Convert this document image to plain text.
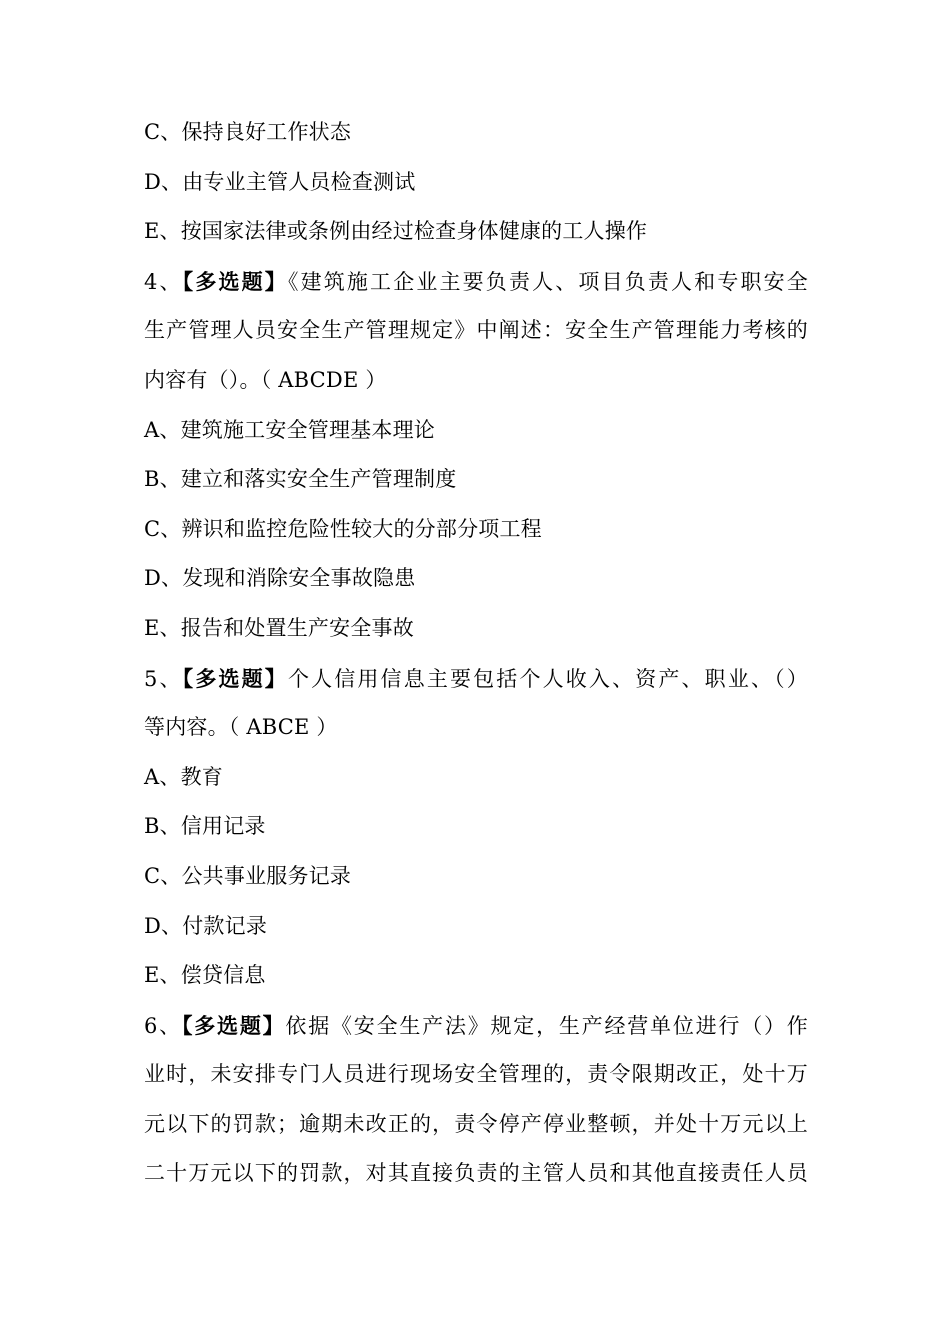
C、保持良好工作状态
D、由专业主管人员检查测试
E、按国家法律或条例由经过检查身体健康的工人操作
4、【多选题】《建筑施工企业主要负责人、项目负责人和专职安全
生产管理人员安全生产管理规定》中阐述：安全生产管理能力考核的
内容有（）。（ ABCDE ）
A、建筑施工安全管理基本理论
B、建立和落实安全生产管理制度
C、辨识和监控危险性较大的分部分项工程
D、发现和消除安全事故隐患
E、报告和处置生产安全事故
5、【多选题】个人信用信息主要包括个人收入、资产、职业、（）
等内容。（ ABCE ）
A、教育
B、信用记录
C、公共事业服务记录
D、付款记录
E、偿贷信息
6、【多选题】依据《安全生产法》规定，生产经营单位进行（）作
业时，未安排专门人员进行现场安全管理的，责令限期改正，处十万
元以下的罚款；逾期未改正的，责令停产停业整顿，并处十万元以上
二十万元以下的罚款，对其直接负责的主管人员和其他直接责任人员
